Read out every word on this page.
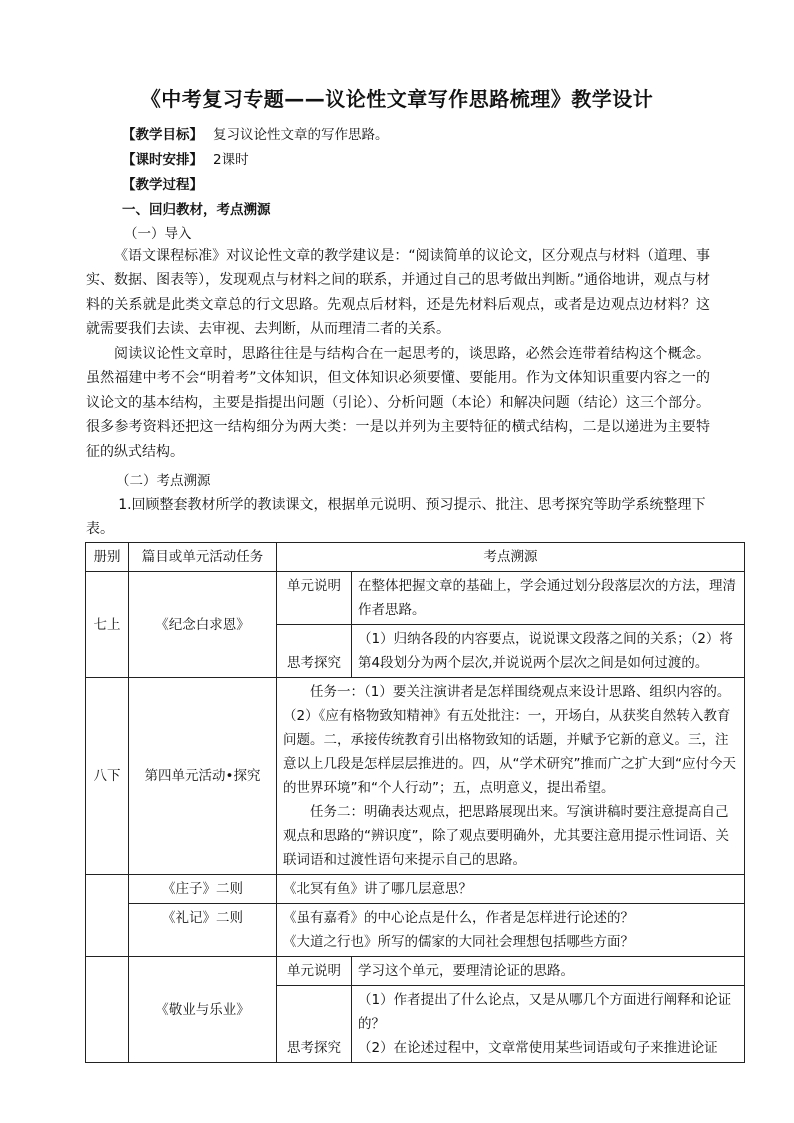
《中考复习专题——议论性文章写作思路梳理》教学设计
【教学目标】 复习议论性文章的写作思路。
【课时安排】 2课时
【教学过程】
一、回归教材，考点溯源
（一）导入
《语文课程标准》对议论性文章的教学建议是：“阅读简单的议论文，区分观点与材料（道理、事实、数据、图表等），发现观点与材料之间的联系，并通过自己的思考做出判断。”通俗地讲，观点与材料的关系就是此类文章总的行文思路。先观点后材料，还是先材料后观点，或者是边观点边材料？这就需要我们去读、去审视、去判断，从而理清二者的关系。
阅读议论性文章时，思路往往是与结构合在一起思考的，谈思路，必然会连带着结构这个概念。虽然福建中考不会“明着考”文体知识，但文体知识必须要懂、要能用。作为文体知识重要内容之一的议论文的基本结构，主要是指提出问题（引论）、分析问题（本论）和解决问题（结论）这三个部分。很多参考资料还把这一结构细分为两大类：一是以并列为主要特征的横式结构，二是以递进为主要特征的纵式结构。
（二）考点溯源
1.回顾整套教材所学的教读课文，根据单元说明、预习提示、批注、思考探究等助学系统整理下表。
册别	篇目或单元活动任务	考点溯源	
七上	《纪念白求恩》	单元说明	在整体把握文章的基础上，学会通过划分段落层次的方法，理清作者思路。
		思考探究	（1）归纳各段的内容要点，说说课文段落之间的关系；（2）将第4段划分为两个层次,并说说两个层次之间是如何过渡的。
八下	第四单元活动•探究	任务一：（1）要关注演讲者是怎样围绕观点来设计思路、组织内容的。（2）《应有格物致知精神》有五处批注：一，开场白，从获奖自然转入教育问题。二，承接传统教育引出格物致知的话题，并赋予它新的意义。三，注意以上几段是怎样层层推进的。四，从“学术研究”推而广之扩大到“应付今天的世界环境”和“个人行动”；五，点明意义，提出希望。
任务二：明确表达观点，把思路展现出来。写演讲稿时要注意提高自己观点和思路的“辨识度”，除了观点要明确外，尤其要注意用提示性词语、关联词语和过渡性语句来提示自己的思路。	

	《庄子》二则	《北冥有鱼》讲了哪几层意思？	
	《礼记》二则	《虽有嘉肴》的中心论点是什么，作者是怎样进行论述的？
《大道之行也》所写的儒家的大同社会理想包括哪些方面？	

	《敬业与乐业》	单元说明	学习这个单元，要理清论证的思路。
		思考探究	（1）作者提出了什么论点，又是从哪几个方面进行阐释和论证的？
（2）在论述过程中，文章常使用某些词语或句子来推进论证
